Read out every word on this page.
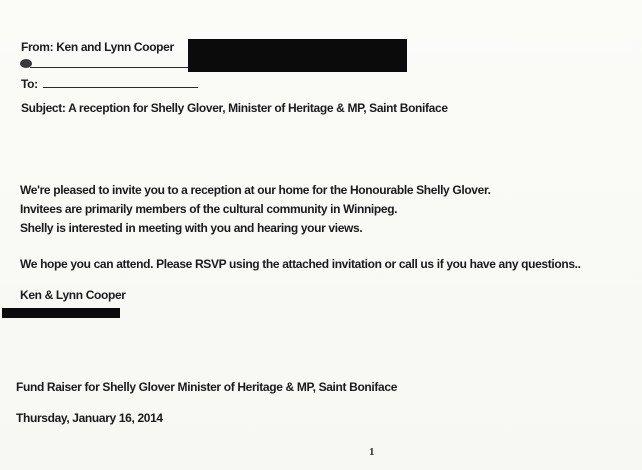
From: Ken and Lynn Cooper
To:
Subject: A reception for Shelly Glover, Minister of Heritage & MP, Saint Boniface
We're pleased to invite you to a reception at our home for the Honourable Shelly Glover.
Invitees are primarily members of the cultural community in Winnipeg.
Shelly is interested in meeting with you and hearing your views.
We hope you can attend. Please RSVP using the attached invitation or call us if you have any questions..
Ken & Lynn Cooper
Fund Raiser for Shelly Glover Minister of Heritage & MP, Saint Boniface
Thursday, January 16, 2014
1
